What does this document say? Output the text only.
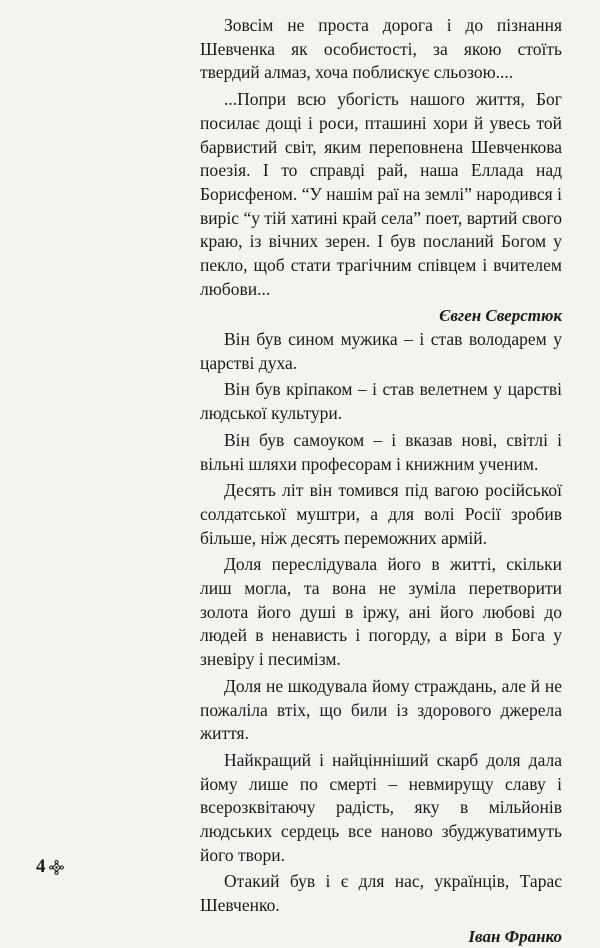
Зовсім не проста дорога і до пізнання Шевченка як особистості, за якою стоїть твердий алмаз, хоча поблискує сльозою....

...Попри всю убогість нашого життя, Бог посилає дощі і роси, пташині хори й увесь той барвистий світ, яким переповнена Шевченкова поезія. І то справді рай, наша Еллада над Борисфеном. “У нашім раї на землі” народився і виріс “у тій хатині край села” поет, вартий свого краю, із вічних зерен. І був посланий Богом у пекло, щоб стати трагічним співцем і вчителем любови...

Євген Сверстюк

Він був сином мужика – і став володарем у царстві духа.

Він був кріпаком – і став велетнем у царстві людської культури.

Він був самоуком – і вказав нові, світлі і вільні шляхи професорам і книжним ученим.

Десять літ він томився під вагою російської солдатської муштри, а для волі Росії зробив більше, ніж десять переможних армій.

Доля переслідувала його в житті, скільки лиш могла, та вона не зуміла перетворити золота його душі в іржу, ані його любові до людей в ненависть і погорду, а віри в Бога у зневіру і песимізм.

Доля не шкодувала йому страждань, але й не пожаліла втіх, що били із здорового джерела життя.

Найкращий і найцінніший скарб доля дала йому лише по смерті – невмирущу славу і всерозквітаючу радість, яку в мільйонів людських сердець все наново збуджуватимуть його твори.

Отакий був і є для нас, українців, Тарас Шевченко.

Іван Франко
4
